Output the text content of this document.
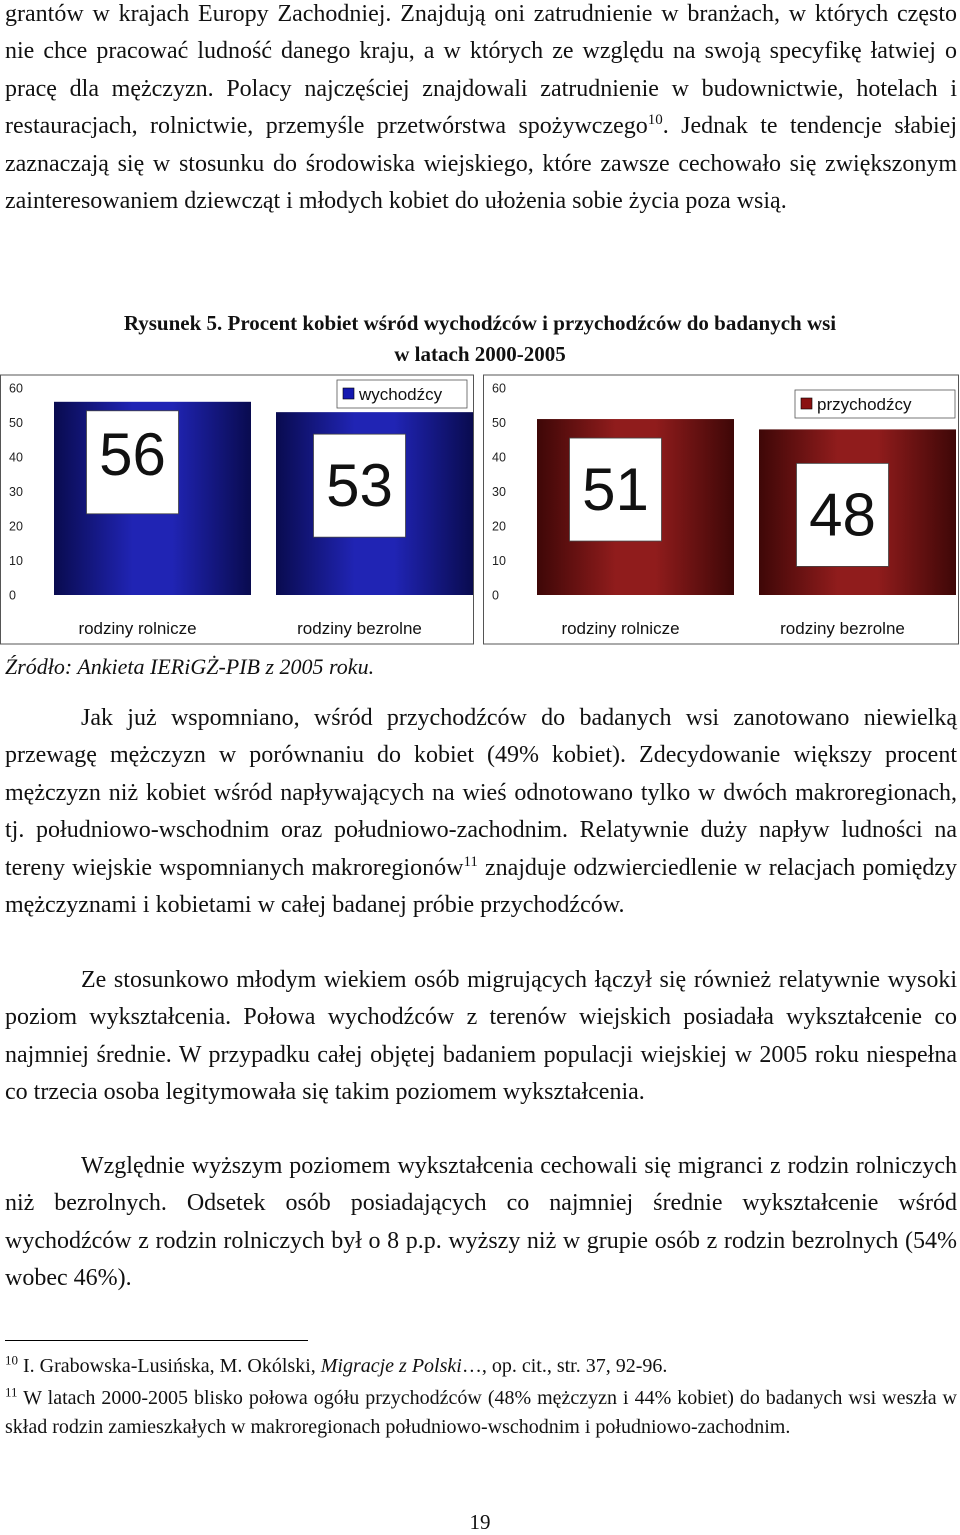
grantów w krajach Europy Zachodniej. Znajdują oni zatrudnienie w branżach, w których często nie chce pracować ludność danego kraju, a w których ze względu na swoją specyfikę łatwiej o pracę dla mężczyzn. Polacy najczęściej znajdowali zatrudnienie w budownictwie, hotelach i restauracjach, rolnictwie, przemyśle przetwórstwa spożywczego$^{10}$. Jednak te tendencje słabiej zaznaczają się w stosunku do środowiska wiejskiego, które zawsze cechowało się zwiększonym zainteresowaniem dziewcząt i młodych kobiet do ułożenia sobie życia poza wsią.

Rysunek 5. Procent kobiet wśród wychodźców i przychodźców do badanych wsi
w latach 2000-2005
60
50
40
30
20
10
0
56
rodziny rolnicze
53
rodziny bezrolne
wychodźcy	60
50
40
30
20
10
0
51
rodziny rolnicze
48
rodziny bezrolne
przychodźcy
Źródło: Ankieta IERiGŻ-PIB z 2005 roku.

Jak już wspomniano, wśród przychodźców do badanych wsi zanotowano niewielką przewagę mężczyzn w porównaniu do kobiet (49% kobiet). Zdecydowanie większy procent mężczyzn niż kobiet wśród napływających na wieś odnotowano tylko w dwóch makroregionach, tj. południowo-wschodnim oraz południowo-zachodnim. Relatywnie duży napływ ludności na tereny wiejskie wspomnianych makroregionów$^{11}$ znajduje odzwierciedlenie w relacjach pomiędzy mężczyznami i kobietami w całej badanej próbie przychodźców.

Ze stosunkowo młodym wiekiem osób migrujących łączył się również relatywnie wysoki poziom wykształcenia. Połowa wychodźców z terenów wiejskich posiadała wykształcenie co najmniej średnie. W przypadku całej objętej badaniem populacji wiejskiej w 2005 roku niespełna co trzecia osoba legitymowała się takim poziomem wykształcenia.

Względnie wyższym poziomem wykształcenia cechowali się migranci z rodzin rolniczych niż bezrolnych. Odsetek osób posiadających co najmniej średnie wykształcenie wśród wychodźców z rodzin rolniczych był o 8 p.p. wyższy niż w grupie osób z rodzin bezrolnych (54% wobec 46%).

$^{10}$ I. Grabowska-Lusińska, M. Okólski, Migracje z Polski…, op. cit., str. 37, 92-96.

$^{11}$ W latach 2000-2005 blisko połowa ogółu przychodźców (48% mężczyzn i 44% kobiet) do badanych wsi weszła w skład rodzin zamieszkałych w makroregionach południowo-wschodnim i południowo-zachodnim.

19
